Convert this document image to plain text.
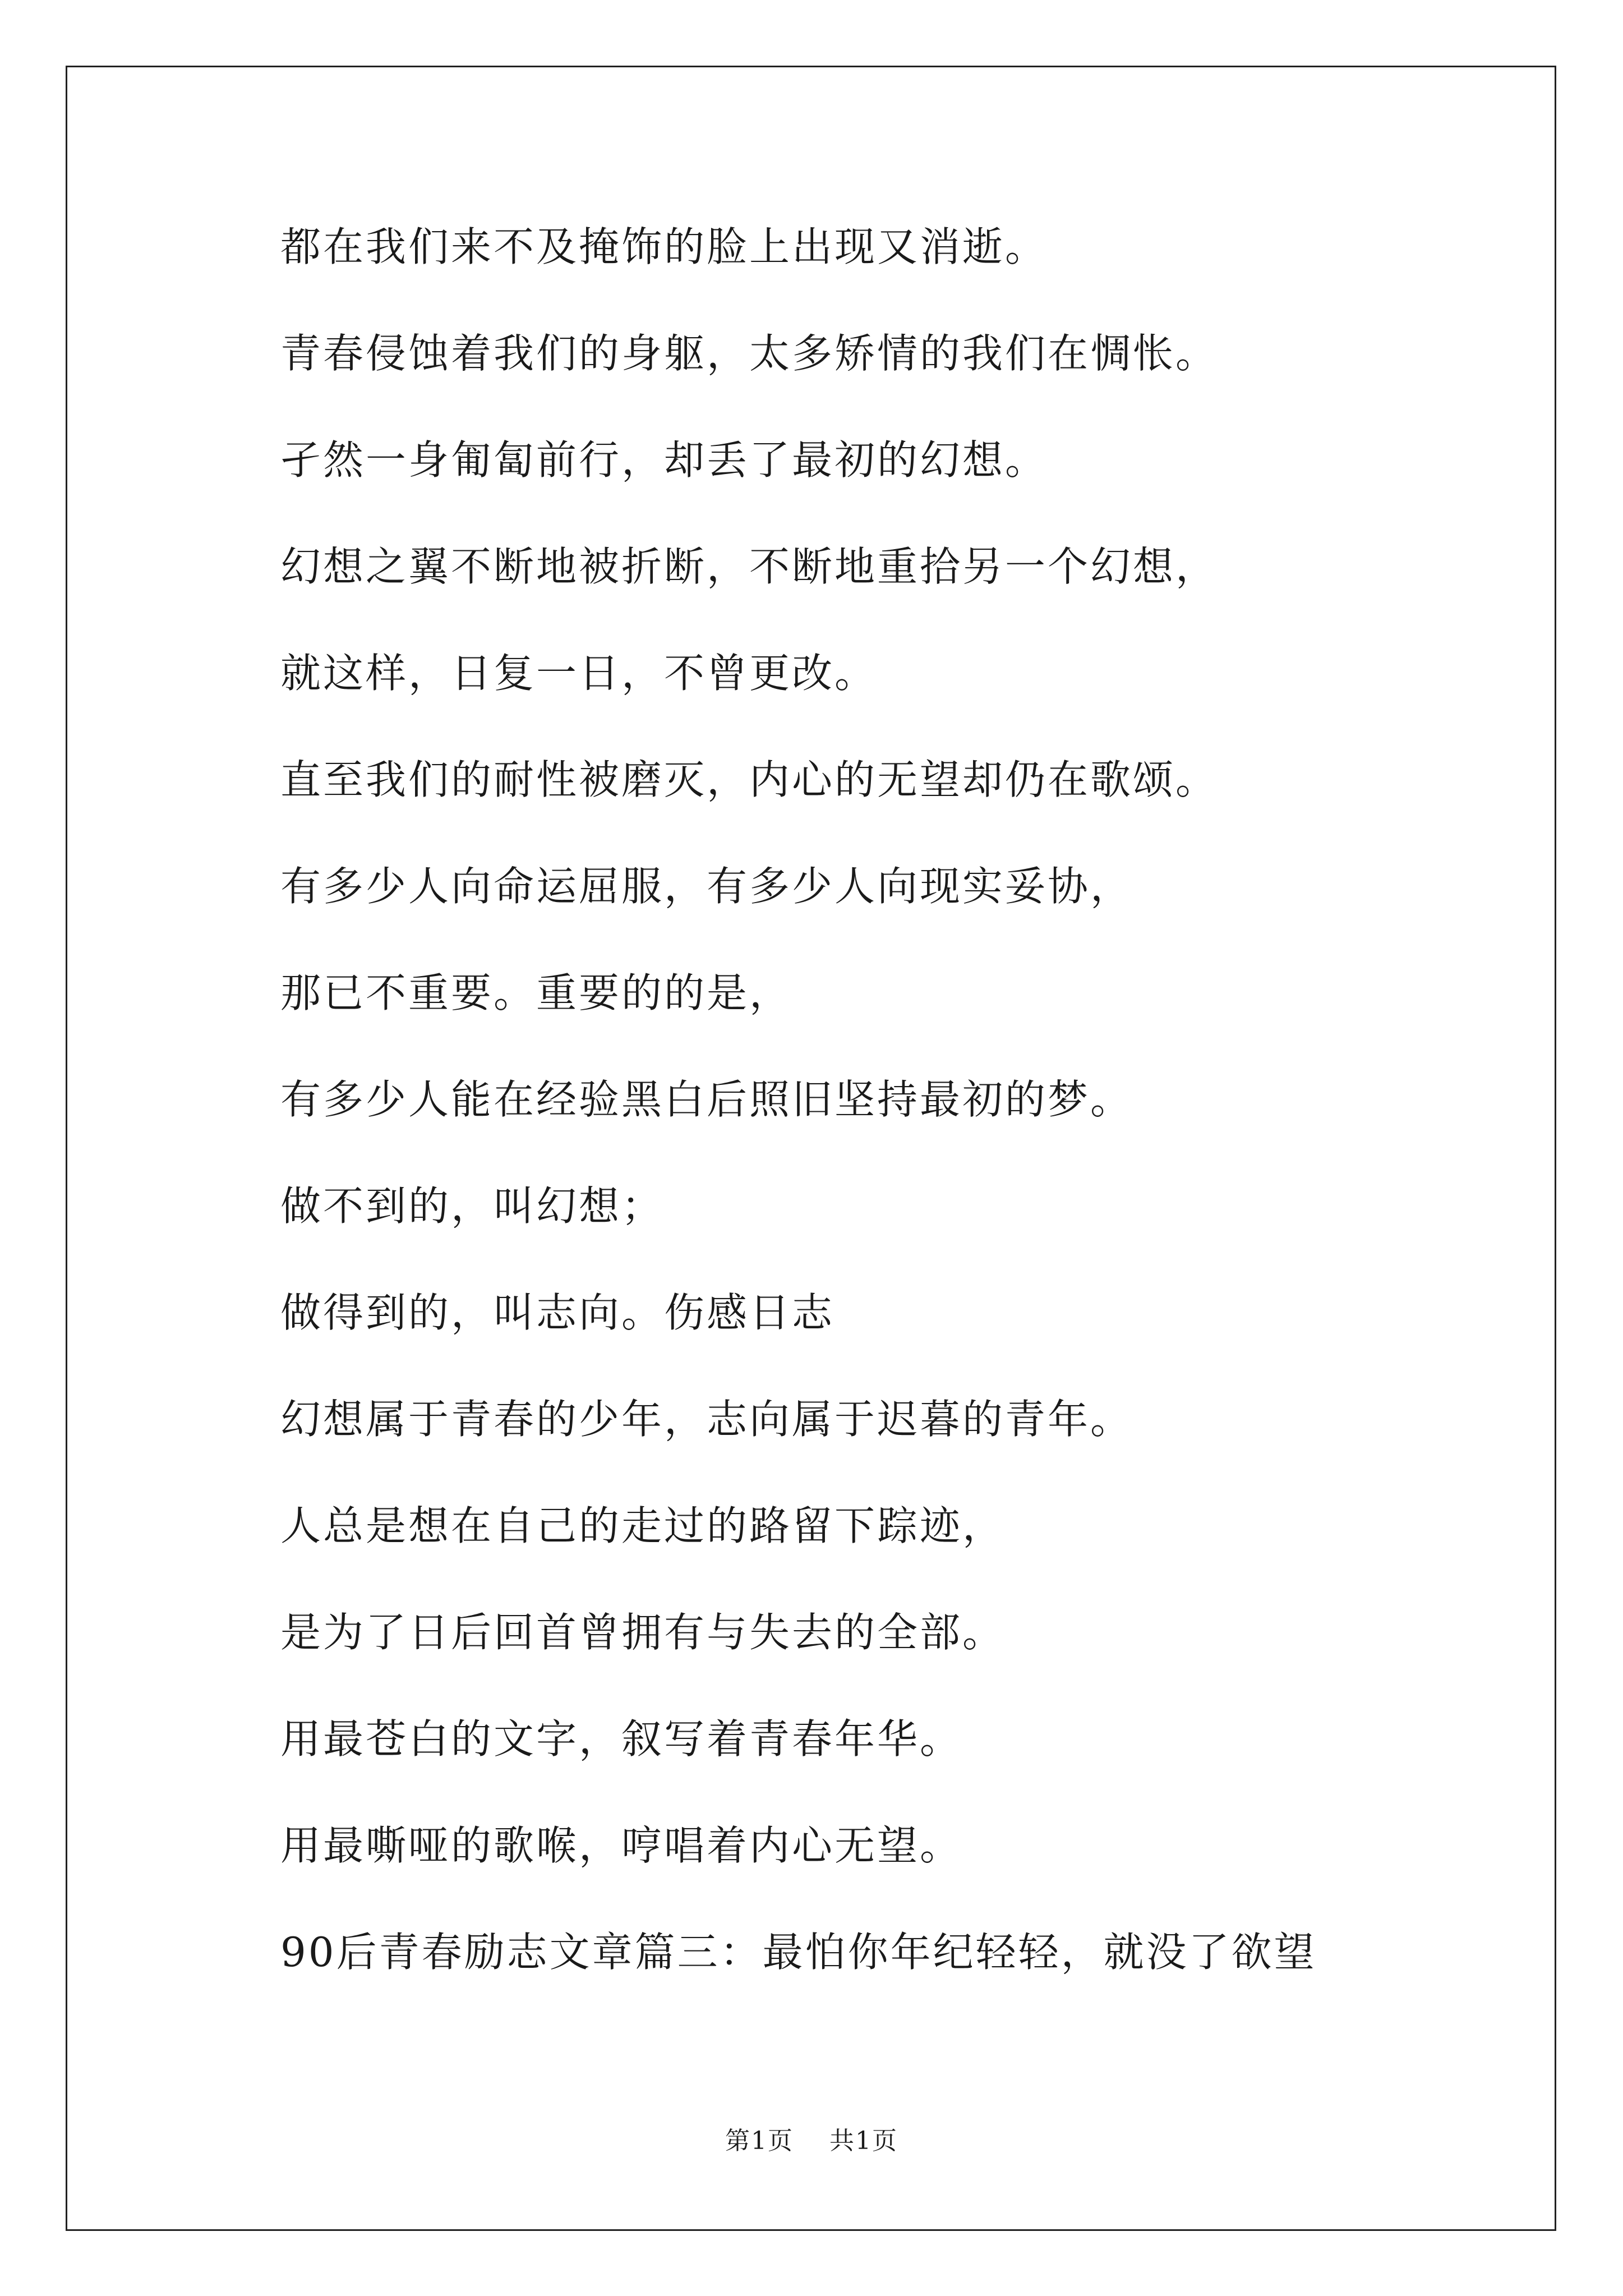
都在我们来不及掩饰的脸上出现又消逝。
青春侵蚀着我们的身躯，太多矫情的我们在惆怅。
孑然一身匍匐前行，却丢了最初的幻想。
幻想之翼不断地被折断，不断地重拾另一个幻想，
就这样，日复一日，不曾更改。
直至我们的耐性被磨灭，内心的无望却仍在歌颂。
有多少人向命运屈服，有多少人向现实妥协，
那已不重要。重要的的是，
有多少人能在经验黑白后照旧坚持最初的梦。
做不到的，叫幻想；
做得到的，叫志向。伤感日志
幻想属于青春的少年，志向属于迟暮的青年。
人总是想在自己的走过的路留下踪迹，
是为了日后回首曾拥有与失去的全部。
用最苍白的文字，叙写着青春年华。
用最嘶哑的歌喉，哼唱着内心无望。
90后青春励志文章篇三：最怕你年纪轻轻，就没了欲望
第1页 共1页
